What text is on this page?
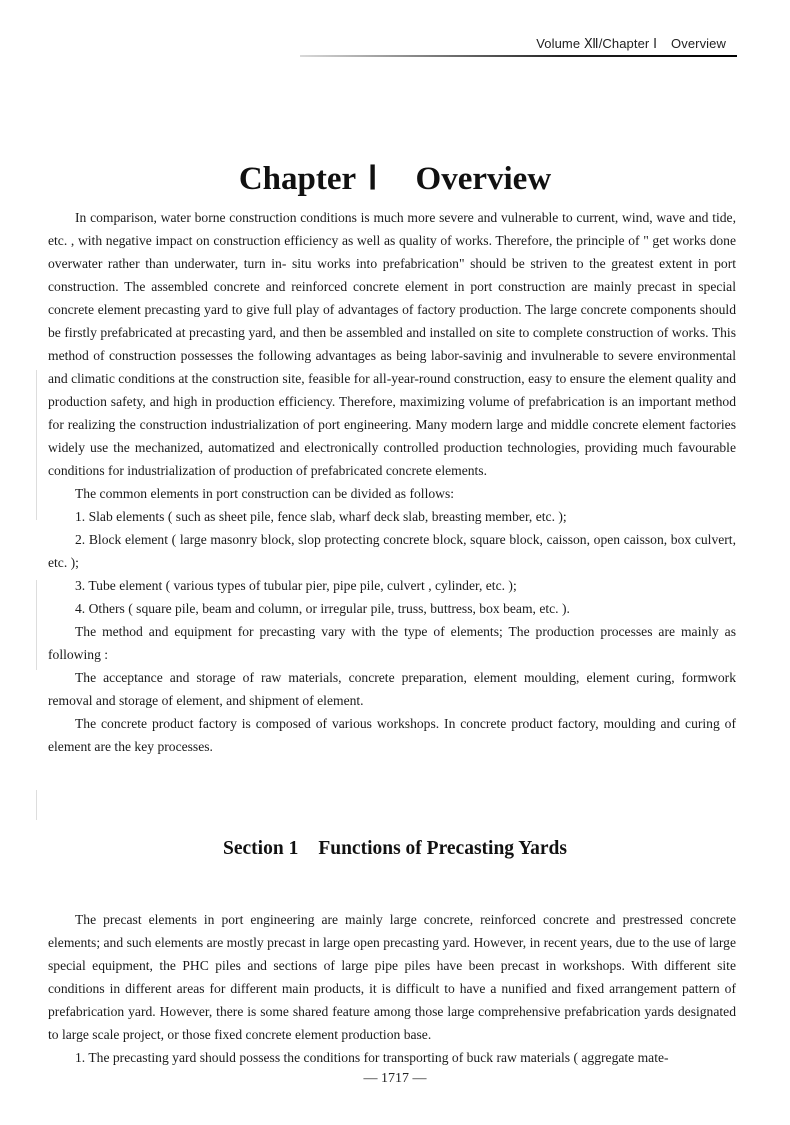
Volume Ⅻ/Chapter Ⅰ Overview
Chapter Ⅰ Overview

In comparison, water borne construction conditions is much more severe and vulnerable to current, wind, wave and tide, etc. , with negative impact on construction efficiency as well as quality of works. Therefore, the principle of " get works done overwater rather than underwater, turn in- situ works into prefabrication" should be striven to the greatest extent in port construction. The assembled concrete and reinforced concrete element in port construction are mainly precast in special concrete element precasting yard to give full play of advantages of factory production. The large concrete components should be firstly prefabricated at precasting yard, and then be assembled and installed on site to complete construction of works. This method of construction possesses the following advantages as being labor-savinig and invulnerable to severe environmental and climatic conditions at the construction site, feasible for all-year-round construction, easy to ensure the element quality and production safety, and high in production efficiency. Therefore, maximizing volume of prefabrication is an important method for realizing the construction industrialization of port engineering. Many modern large and middle concrete element factories widely use the mechanized, automatized and electronically controlled production technologies, providing much favourable conditions for industrialization of production of prefabricated concrete elements.

The common elements in port construction can be divided as follows:

1. Slab elements ( such as sheet pile, fence slab, wharf deck slab, breasting member, etc. );

2. Block element ( large masonry block, slop protecting concrete block, square block, caisson, open caisson, box culvert, etc. );

3. Tube element ( various types of tubular pier, pipe pile, culvert , cylinder, etc. );

4. Others ( square pile, beam and column, or irregular pile, truss, buttress, box beam, etc. ).

The method and equipment for precasting vary with the type of elements; The production processes are mainly as following :

The acceptance and storage of raw materials, concrete preparation, element moulding, element curing, formwork removal and storage of element, and shipment of element.

The concrete product factory is composed of various workshops. In concrete product factory, moulding and curing of element are the key processes.

Section 1 Functions of Precasting Yards

The precast elements in port engineering are mainly large concrete, reinforced concrete and prestressed concrete elements; and such elements are mostly precast in large open precasting yard. However, in recent years, due to the use of large special equipment, the PHC piles and sections of large pipe piles have been precast in workshops. With different site conditions in different areas for different main products, it is difficult to have a nunified and fixed arrangement pattern of prefabrication yard. However, there is some shared feature among those large comprehensive prefabrication yards designated to large scale project, or those fixed concrete element production base.

1. The precasting yard should possess the conditions for transporting of buck raw materials ( aggregate mate-

— 1717 —
